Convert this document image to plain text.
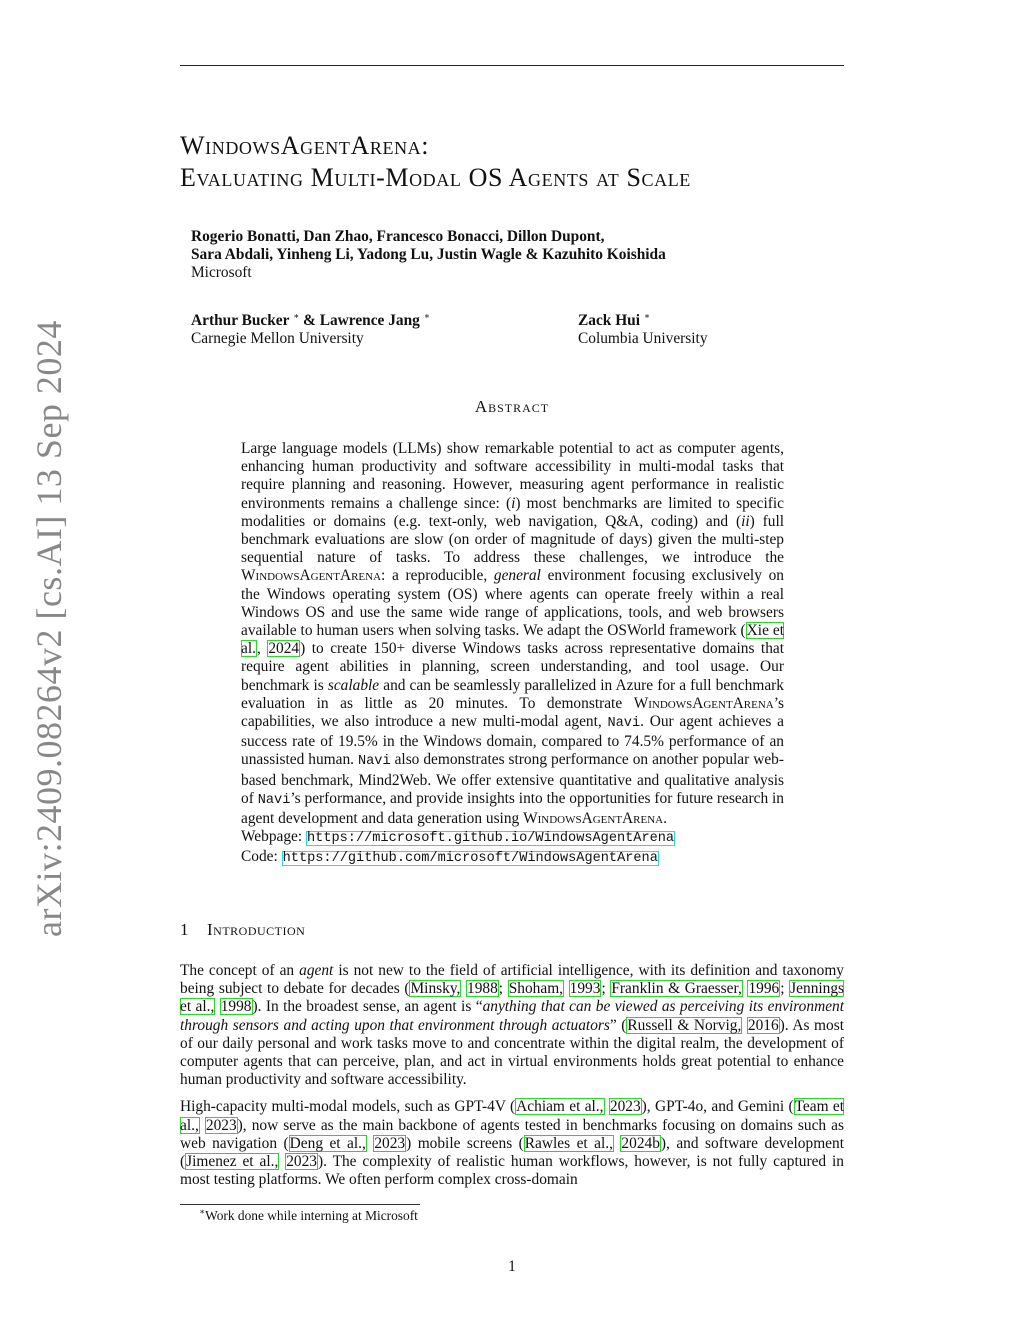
arXiv:2409.08264v2 [cs.AI] 13 Sep 2024
WindowsAgentArena:
Evaluating Multi-Modal OS Agents at Scale
Rogerio Bonatti, Dan Zhao, Francesco Bonacci, Dillon Dupont,
Sara Abdali, Yinheng Li, Yadong Lu, Justin Wagle & Kazuhito Koishida
Microsoft
Arthur Bucker ∗ & Lawrence Jang ∗
Carnegie Mellon University
Zack Hui ∗
Columbia University
Abstract

Large language models (LLMs) show remarkable potential to act as computer agents, enhancing human productivity and software accessibility in multi-modal tasks that require planning and reasoning. However, measuring agent performance in realistic environments remains a challenge since: (i) most benchmarks are limited to specific modalities or domains (e.g. text-only, web navigation, Q&A, coding) and (ii) full benchmark evaluations are slow (on order of magnitude of days) given the multi-step sequential nature of tasks. To address these challenges, we introduce the WindowsAgentArena: a reproducible, general environment focusing exclusively on the Windows operating system (OS) where agents can operate freely within a real Windows OS and use the same wide range of applications, tools, and web browsers available to human users when solving tasks. We adapt the OSWorld framework (Xie et al., 2024) to create 150+ diverse Windows tasks across representative domains that require agent abilities in planning, screen understanding, and tool usage. Our benchmark is scalable and can be seamlessly parallelized in Azure for a full benchmark evaluation in as little as 20 minutes. To demonstrate WindowsAgentArena’s capabilities, we also introduce a new multi-modal agent, Navi. Our agent achieves a success rate of 19.5% in the Windows domain, compared to 74.5% performance of an unassisted human. Navi also demonstrates strong performance on another popular web-based benchmark, Mind2Web. We offer extensive quantitative and qualitative analysis of Navi’s performance, and provide insights into the opportunities for future research in agent development and data generation using WindowsAgentArena.

Webpage: https://microsoft.github.io/WindowsAgentArena
Code: https://github.com/microsoft/WindowsAgentArena
1 Introduction

The concept of an agent is not new to the field of artificial intelligence, with its definition and taxonomy being subject to debate for decades (Minsky, 1988; Shoham, 1993; Franklin & Graesser, 1996; Jennings et al., 1998). In the broadest sense, an agent is “anything that can be viewed as perceiving its environment through sensors and acting upon that environment through actuators” (Russell & Norvig, 2016). As most of our daily personal and work tasks move to and concentrate within the digital realm, the development of computer agents that can perceive, plan, and act in virtual environments holds great potential to enhance human productivity and software accessibility.

High-capacity multi-modal models, such as GPT-4V (Achiam et al., 2023), GPT-4o, and Gemini (Team et al., 2023), now serve as the main backbone of agents tested in benchmarks focusing on domains such as web navigation (Deng et al., 2023) mobile screens (Rawles et al., 2024b), and software development (Jimenez et al., 2023). The complexity of realistic human workflows, however, is not fully captured in most testing platforms. We often perform complex cross-domain

∗Work done while interning at Microsoft
1
